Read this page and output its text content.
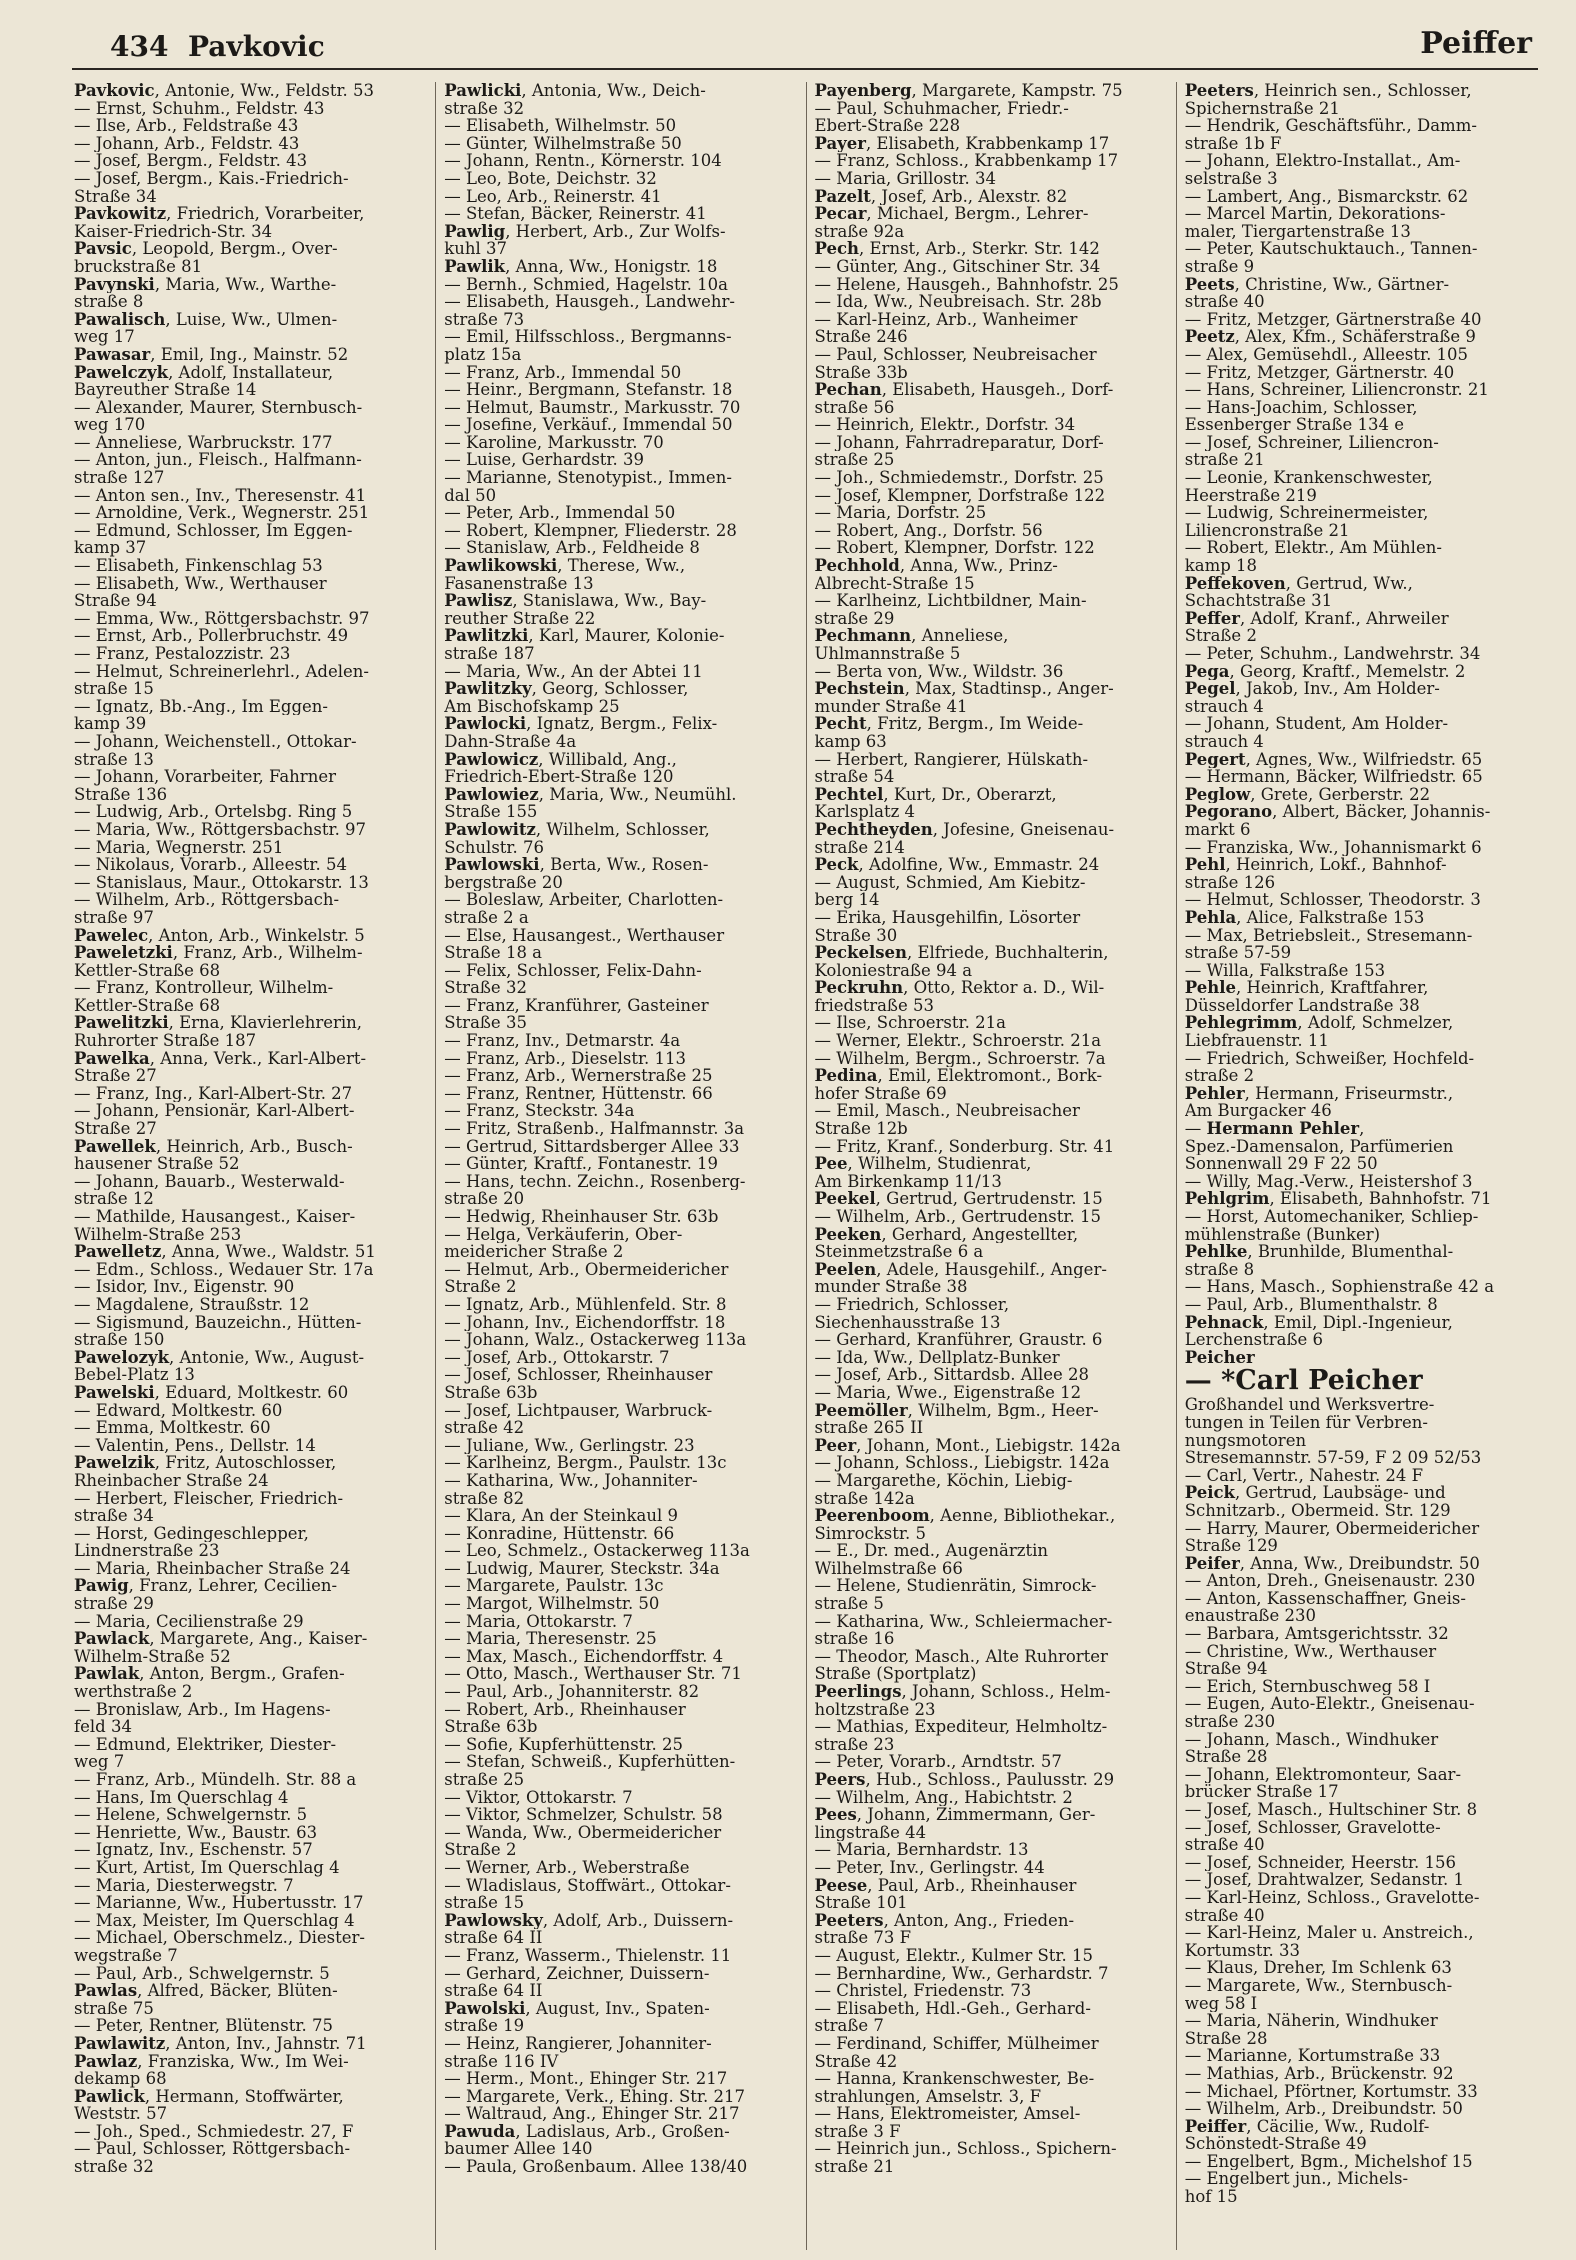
434 Pavkovic	Peiffer
Pavkovic, Antonie, Ww., Feldstr. 53
— Ernst, Schuhm., Feldstr. 43
— Ilse, Arb., Feldstraße 43
— Johann, Arb., Feldstr. 43
— Josef, Bergm., Feldstr. 43
— Josef, Bergm., Kais.-Friedrich-
Straße 34
Pavkowitz, Friedrich, Vorarbeiter,
Kaiser-Friedrich-Str. 34
Pavsic, Leopold, Bergm., Over-
bruckstraße 81
Pavynski, Maria, Ww., Warthe-
straße 8
Pawalisch, Luise, Ww., Ulmen-
weg 17
Pawasar, Emil, Ing., Mainstr. 52
Pawelczyk, Adolf, Installateur,
Bayreuther Straße 14
— Alexander, Maurer, Sternbusch-
weg 170
— Anneliese, Warbruckstr. 177
— Anton, jun., Fleisch., Halfmann-
straße 127
— Anton sen., Inv., Theresenstr. 41
— Arnoldine, Verk., Wegnerstr. 251
— Edmund, Schlosser, Im Eggen-
kamp 37
— Elisabeth, Finkenschlag 53
— Elisabeth, Ww., Werthauser
Straße 94
— Emma, Ww., Röttgersbachstr. 97
— Ernst, Arb., Pollerbruchstr. 49
— Franz, Pestalozzistr. 23
— Helmut, Schreinerlehrl., Adelen-
straße 15
— Ignatz, Bb.-Ang., Im Eggen-
kamp 39
— Johann, Weichenstell., Ottokar-
straße 13
— Johann, Vorarbeiter, Fahrner
Straße 136
— Ludwig, Arb., Ortelsbg. Ring 5
— Maria, Ww., Röttgersbachstr. 97
— Maria, Wegnerstr. 251
— Nikolaus, Vorarb., Alleestr. 54
— Stanislaus, Maur., Ottokarstr. 13
— Wilhelm, Arb., Röttgersbach-
straße 97
Pawelec, Anton, Arb., Winkelstr. 5
Paweletzki, Franz, Arb., Wilhelm-
Kettler-Straße 68
— Franz, Kontrolleur, Wilhelm-
Kettler-Straße 68
Pawelitzki, Erna, Klavierlehrerin,
Ruhrorter Straße 187
Pawelka, Anna, Verk., Karl-Albert-
Straße 27
— Franz, Ing., Karl-Albert-Str. 27
— Johann, Pensionär, Karl-Albert-
Straße 27
Pawellek, Heinrich, Arb., Busch-
hausener Straße 52
— Johann, Bauarb., Westerwald-
straße 12
— Mathilde, Hausangest., Kaiser-
Wilhelm-Straße 253
Pawelletz, Anna, Wwe., Waldstr. 51
— Edm., Schloss., Wedauer Str. 17a
— Isidor, Inv., Eigenstr. 90
— Magdalene, Straußstr. 12
— Sigismund, Bauzeichn., Hütten-
straße 150
Pawelozyk, Antonie, Ww., August-
Bebel-Platz 13
Pawelski, Eduard, Moltkestr. 60
— Edward, Moltkestr. 60
— Emma, Moltkestr. 60
— Valentin, Pens., Dellstr. 14
Pawelzik, Fritz, Autoschlosser,
Rheinbacher Straße 24
— Herbert, Fleischer, Friedrich-
straße 34
— Horst, Gedingeschlepper,
Lindnerstraße 23
— Maria, Rheinbacher Straße 24
Pawig, Franz, Lehrer, Cecilien-
straße 29
— Maria, Cecilienstraße 29
Pawlack, Margarete, Ang., Kaiser-
Wilhelm-Straße 52
Pawlak, Anton, Bergm., Grafen-
werthstraße 2
— Bronislaw, Arb., Im Hagens-
feld 34
— Edmund, Elektriker, Diester-
weg 7
— Franz, Arb., Mündelh. Str. 88 a
— Hans, Im Querschlag 4
— Helene, Schwelgernstr. 5
— Henriette, Ww., Baustr. 63
— Ignatz, Inv., Eschenstr. 57
— Kurt, Artist, Im Querschlag 4
— Maria, Diesterwegstr. 7
— Marianne, Ww., Hubertusstr. 17
— Max, Meister, Im Querschlag 4
— Michael, Oberschmelz., Diester-
wegstraße 7
— Paul, Arb., Schwelgernstr. 5
Pawlas, Alfred, Bäcker, Blüten-
straße 75
— Peter, Rentner, Blütenstr. 75
Pawlawitz, Anton, Inv., Jahnstr. 71
Pawlaz, Franziska, Ww., Im Wei-
dekamp 68
Pawlick, Hermann, Stoffwärter,
Weststr. 57
— Joh., Sped., Schmiedestr. 27, F
— Paul, Schlosser, Röttgersbach-
straße 32
Pawlicki, Antonia, Ww., Deich-
straße 32
— Elisabeth, Wilhelmstr. 50
— Günter, Wilhelmstraße 50
— Johann, Rentn., Körnerstr. 104
— Leo, Bote, Deichstr. 32
— Leo, Arb., Reinerstr. 41
— Stefan, Bäcker, Reinerstr. 41
Pawlig, Herbert, Arb., Zur Wolfs-
kuhl 37
Pawlik, Anna, Ww., Honigstr. 18
— Bernh., Schmied, Hagelstr. 10a
— Elisabeth, Hausgeh., Landwehr-
straße 73
— Emil, Hilfsschloss., Bergmanns-
platz 15a
— Franz, Arb., Immendal 50
— Heinr., Bergmann, Stefanstr. 18
— Helmut, Baumstr., Markusstr. 70
— Josefine, Verkäuf., Immendal 50
— Karoline, Markusstr. 70
— Luise, Gerhardstr. 39
— Marianne, Stenotypist., Immen-
dal 50
— Peter, Arb., Immendal 50
— Robert, Klempner, Fliederstr. 28
— Stanislaw, Arb., Feldheide 8
Pawlikowski, Therese, Ww.,
Fasanenstraße 13
Pawlisz, Stanislawa, Ww., Bay-
reuther Straße 22
Pawlitzki, Karl, Maurer, Kolonie-
straße 187
— Maria, Ww., An der Abtei 11
Pawlitzky, Georg, Schlosser,
Am Bischofskamp 25
Pawlocki, Ignatz, Bergm., Felix-
Dahn-Straße 4a
Pawlowicz, Willibald, Ang.,
Friedrich-Ebert-Straße 120
Pawlowiez, Maria, Ww., Neumühl.
Straße 155
Pawlowitz, Wilhelm, Schlosser,
Schulstr. 76
Pawlowski, Berta, Ww., Rosen-
bergstraße 20
— Boleslaw, Arbeiter, Charlotten-
straße 2 a
— Else, Hausangest., Werthauser
Straße 18 a
— Felix, Schlosser, Felix-Dahn-
Straße 32
— Franz, Kranführer, Gasteiner
Straße 35
— Franz, Inv., Detmarstr. 4a
— Franz, Arb., Dieselstr. 113
— Franz, Arb., Wernerstraße 25
— Franz, Rentner, Hüttenstr. 66
— Franz, Steckstr. 34a
— Fritz, Straßenb., Halfmannstr. 3a
— Gertrud, Sittardsberger Allee 33
— Günter, Kraftf., Fontanestr. 19
— Hans, techn. Zeichn., Rosenberg-
straße 20
— Hedwig, Rheinhauser Str. 63b
— Helga, Verkäuferin, Ober-
meidericher Straße 2
— Helmut, Arb., Obermeidericher
Straße 2
— Ignatz, Arb., Mühlenfeld. Str. 8
— Johann, Inv., Eichendorffstr. 18
— Johann, Walz., Ostackerweg 113a
— Josef, Arb., Ottokarstr. 7
— Josef, Schlosser, Rheinhauser
Straße 63b
— Josef, Lichtpauser, Warbruck-
straße 42
— Juliane, Ww., Gerlingstr. 23
— Karlheinz, Bergm., Paulstr. 13c
— Katharina, Ww., Johanniter-
straße 82
— Klara, An der Steinkaul 9
— Konradine, Hüttenstr. 66
— Leo, Schmelz., Ostackerweg 113a
— Ludwig, Maurer, Steckstr. 34a
— Margarete, Paulstr. 13c
— Margot, Wilhelmstr. 50
— Maria, Ottokarstr. 7
— Maria, Theresenstr. 25
— Max, Masch., Eichendorffstr. 4
— Otto, Masch., Werthauser Str. 71
— Paul, Arb., Johanniterstr. 82
— Robert, Arb., Rheinhauser
Straße 63b
— Sofie, Kupferhüttenstr. 25
— Stefan, Schweiß., Kupferhütten-
straße 25
— Viktor, Ottokarstr. 7
— Viktor, Schmelzer, Schulstr. 58
— Wanda, Ww., Obermeidericher
Straße 2
— Werner, Arb., Weberstraße
— Wladislaus, Stoffwärt., Ottokar-
straße 15
Pawlowsky, Adolf, Arb., Duissern-
straße 64 II
— Franz, Wasserm., Thielenstr. 11
— Gerhard, Zeichner, Duissern-
straße 64 II
Pawolski, August, Inv., Spaten-
straße 19
— Heinz, Rangierer, Johanniter-
straße 116 IV
— Herm., Mont., Ehinger Str. 217
— Margarete, Verk., Ehing. Str. 217
— Waltraud, Ang., Ehinger Str. 217
Pawuda, Ladislaus, Arb., Großen-
baumer Allee 140
— Paula, Großenbaum. Allee 138/40
Payenberg, Margarete, Kampstr. 75
— Paul, Schuhmacher, Friedr.-
Ebert-Straße 228
Payer, Elisabeth, Krabbenkamp 17
— Franz, Schloss., Krabbenkamp 17
— Maria, Grillostr. 34
Pazelt, Josef, Arb., Alexstr. 82
Pecar, Michael, Bergm., Lehrer-
straße 92a
Pech, Ernst, Arb., Sterkr. Str. 142
— Günter, Ang., Gitschiner Str. 34
— Helene, Hausgeh., Bahnhofstr. 25
— Ida, Ww., Neubreisach. Str. 28b
— Karl-Heinz, Arb., Wanheimer
Straße 246
— Paul, Schlosser, Neubreisacher
Straße 33b
Pechan, Elisabeth, Hausgeh., Dorf-
straße 56
— Heinrich, Elektr., Dorfstr. 34
— Johann, Fahrradreparatur, Dorf-
straße 25
— Joh., Schmiedemstr., Dorfstr. 25
— Josef, Klempner, Dorfstraße 122
— Maria, Dorfstr. 25
— Robert, Ang., Dorfstr. 56
— Robert, Klempner, Dorfstr. 122
Pechhold, Anna, Ww., Prinz-
Albrecht-Straße 15
— Karlheinz, Lichtbildner, Main-
straße 29
Pechmann, Anneliese,
Uhlmannstraße 5
— Berta von, Ww., Wildstr. 36
Pechstein, Max, Stadtinsp., Anger-
munder Straße 41
Pecht, Fritz, Bergm., Im Weide-
kamp 63
— Herbert, Rangierer, Hülskath-
straße 54
Pechtel, Kurt, Dr., Oberarzt,
Karlsplatz 4
Pechtheyden, Jofesine, Gneisenau-
straße 214
Peck, Adolfine, Ww., Emmastr. 24
— August, Schmied, Am Kiebitz-
berg 14
— Erika, Hausgehilfin, Lösorter
Straße 30
Peckelsen, Elfriede, Buchhalterin,
Koloniestraße 94 a
Peckruhn, Otto, Rektor a. D., Wil-
friedstraße 53
— Ilse, Schroerstr. 21a
— Werner, Elektr., Schroerstr. 21a
— Wilhelm, Bergm., Schroerstr. 7a
Pedina, Emil, Elektromont., Bork-
hofer Straße 69
— Emil, Masch., Neubreisacher
Straße 12b
— Fritz, Kranf., Sonderburg. Str. 41
Pee, Wilhelm, Studienrat,
Am Birkenkamp 11/13
Peekel, Gertrud, Gertrudenstr. 15
— Wilhelm, Arb., Gertrudenstr. 15
Peeken, Gerhard, Angestellter,
Steinmetzstraße 6 a
Peelen, Adele, Hausgehilf., Anger-
munder Straße 38
— Friedrich, Schlosser,
Siechenhausstraße 13
— Gerhard, Kranführer, Graustr. 6
— Ida, Ww., Dellplatz-Bunker
— Josef, Arb., Sittardsb. Allee 28
— Maria, Wwe., Eigenstraße 12
Peemöller, Wilhelm, Bgm., Heer-
straße 265 II
Peer, Johann, Mont., Liebigstr. 142a
— Johann, Schloss., Liebigstr. 142a
— Margarethe, Köchin, Liebig-
straße 142a
Peerenboom, Aenne, Bibliothekar.,
Simrockstr. 5
— E., Dr. med., Augenärztin
Wilhelmstraße 66
— Helene, Studienrätin, Simrock-
straße 5
— Katharina, Ww., Schleiermacher-
straße 16
— Theodor, Masch., Alte Ruhrorter
Straße (Sportplatz)
Peerlings, Johann, Schloss., Helm-
holtzstraße 23
— Mathias, Expediteur, Helmholtz-
straße 23
— Peter, Vorarb., Arndtstr. 57
Peers, Hub., Schloss., Paulusstr. 29
— Wilhelm, Ang., Habichtstr. 2
Pees, Johann, Zimmermann, Ger-
lingstraße 44
— Maria, Bernhardstr. 13
— Peter, Inv., Gerlingstr. 44
Peese, Paul, Arb., Rheinhauser
Straße 101
Peeters, Anton, Ang., Frieden-
straße 73 F
— August, Elektr., Kulmer Str. 15
— Bernhardine, Ww., Gerhardstr. 7
— Christel, Friedenstr. 73
— Elisabeth, Hdl.-Geh., Gerhard-
straße 7
— Ferdinand, Schiffer, Mülheimer
Straße 42
— Hanna, Krankenschwester, Be-
strahlungen, Amselstr. 3, F
— Hans, Elektromeister, Amsel-
straße 3 F
— Heinrich jun., Schloss., Spichern-
straße 21
Peeters, Heinrich sen., Schlosser,
Spichernstraße 21
— Hendrik, Geschäftsführ., Damm-
straße 1b F
— Johann, Elektro-Installat., Am-
selstraße 3
— Lambert, Ang., Bismarckstr. 62
— Marcel Martin, Dekorations-
maler, Tiergartenstraße 13
— Peter, Kautschuktauch., Tannen-
straße 9
Peets, Christine, Ww., Gärtner-
straße 40
— Fritz, Metzger, Gärtnerstraße 40
Peetz, Alex, Kfm., Schäferstraße 9
— Alex, Gemüsehdl., Alleestr. 105
— Fritz, Metzger, Gärtnerstr. 40
— Hans, Schreiner, Liliencronstr. 21
— Hans-Joachim, Schlosser,
Essenberger Straße 134 e
— Josef, Schreiner, Liliencron-
straße 21
— Leonie, Krankenschwester,
Heerstraße 219
— Ludwig, Schreinermeister,
Liliencronstraße 21
— Robert, Elektr., Am Mühlen-
kamp 18
Peffekoven, Gertrud, Ww.,
Schachtstraße 31
Peffer, Adolf, Kranf., Ahrweiler
Straße 2
— Peter, Schuhm., Landwehrstr. 34
Pega, Georg, Kraftf., Memelstr. 2
Pegel, Jakob, Inv., Am Holder-
strauch 4
— Johann, Student, Am Holder-
strauch 4
Pegert, Agnes, Ww., Wilfriedstr. 65
— Hermann, Bäcker, Wilfriedstr. 65
Peglow, Grete, Gerberstr. 22
Pegorano, Albert, Bäcker, Johannis-
markt 6
— Franziska, Ww., Johannismarkt 6
Pehl, Heinrich, Lokf., Bahnhof-
straße 126
— Helmut, Schlosser, Theodorstr. 3
Pehla, Alice, Falkstraße 153
— Max, Betriebsleit., Stresemann-
straße 57-59
— Willa, Falkstraße 153
Pehle, Heinrich, Kraftfahrer,
Düsseldorfer Landstraße 38
Pehlegrimm, Adolf, Schmelzer,
Liebfrauenstr. 11
— Friedrich, Schweißer, Hochfeld-
straße 2
Pehler, Hermann, Friseurmstr.,
Am Burgacker 46
— Hermann Pehler,
Spez.-Damensalon, Parfümerien
Sonnenwall 29 F 22 50
— Willy, Mag.-Verw., Heistershof 3
Pehlgrim, Elisabeth, Bahnhofstr. 71
— Horst, Automechaniker, Schliep-
mühlenstraße (Bunker)
Pehlke, Brunhilde, Blumenthal-
straße 8
— Hans, Masch., Sophienstraße 42 a
— Paul, Arb., Blumenthalstr. 8
Pehnack, Emil, Dipl.-Ingenieur,
Lerchenstraße 6
Peicher
— *Carl Peicher
Großhandel und Werksvertre-
tungen in Teilen für Verbren-
nungsmotoren
Stresemannstr. 57-59, F 2 09 52/53
— Carl, Vertr., Nahestr. 24 F
Peick, Gertrud, Laubsäge- und
Schnitzarb., Obermeid. Str. 129
— Harry, Maurer, Obermeidericher
Straße 129
Peifer, Anna, Ww., Dreibundstr. 50
— Anton, Dreh., Gneisenaustr. 230
— Anton, Kassenschaffner, Gneis-
enaustraße 230
— Barbara, Amtsgerichtsstr. 32
— Christine, Ww., Werthauser
Straße 94
— Erich, Sternbuschweg 58 I
— Eugen, Auto-Elektr., Gneisenau-
straße 230
— Johann, Masch., Windhuker
Straße 28
— Johann, Elektromonteur, Saar-
brücker Straße 17
— Josef, Masch., Hultschiner Str. 8
— Josef, Schlosser, Gravelotte-
straße 40
— Josef, Schneider, Heerstr. 156
— Josef, Drahtwalzer, Sedanstr. 1
— Karl-Heinz, Schloss., Gravelotte-
straße 40
— Karl-Heinz, Maler u. Anstreich.,
Kortumstr. 33
— Klaus, Dreher, Im Schlenk 63
— Margarete, Ww., Sternbusch-
weg 58 I
— Maria, Näherin, Windhuker
Straße 28
— Marianne, Kortumstraße 33
— Mathias, Arb., Brückenstr. 92
— Michael, Pförtner, Kortumstr. 33
— Wilhelm, Arb., Dreibundstr. 50
Peiffer, Cäcilie, Ww., Rudolf-
Schönstedt-Straße 49
— Engelbert, Bgm., Michelshof 15
— Engelbert jun., Michels-
hof 15
